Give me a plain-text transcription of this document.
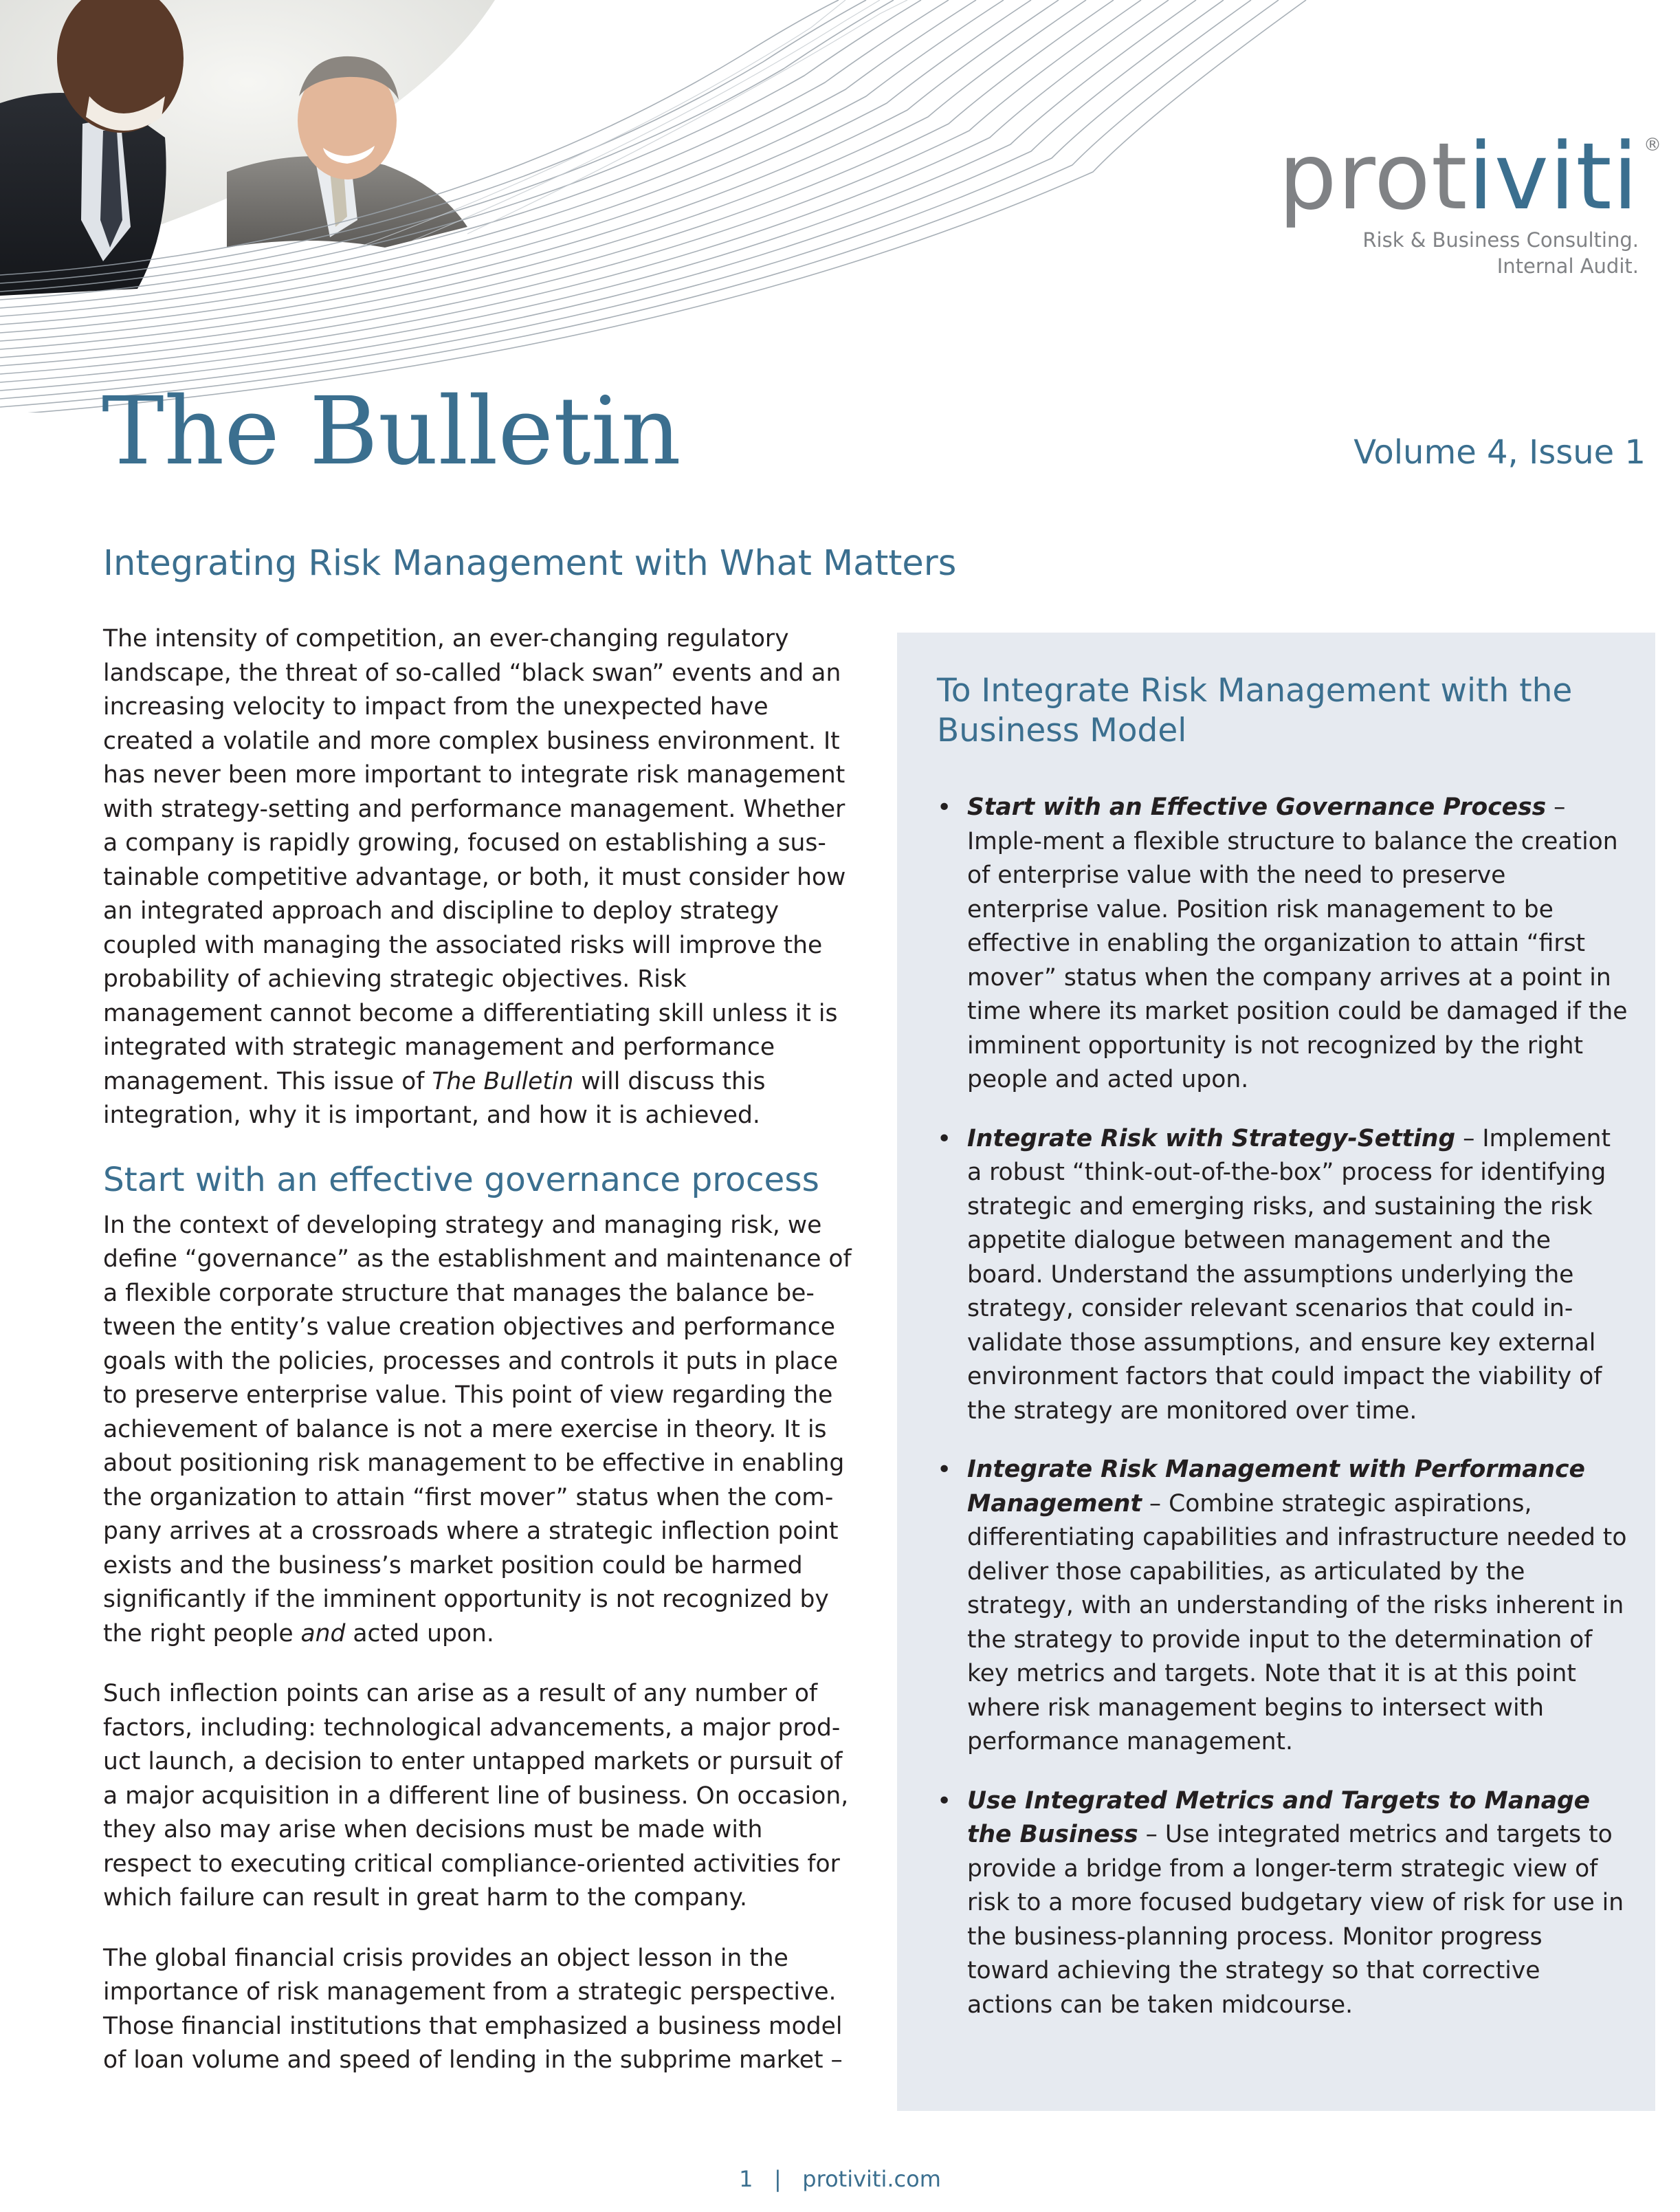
protiviti ®
Risk & Business Consulting.
Internal Audit.
The Bulletin	Volume 4, Issue 1
Integrating Risk Management with What Matters

The intensity of competition, an ever-changing regulatory landscape, the threat of so-called “black swan” events and an increasing velocity to impact from the unexpected have created a volatile and more complex business environment. It has never been more important to integrate risk management with strategy-setting and performance management. Whether a company is rapidly growing, focused on establishing a sus-tainable competitive advantage, or both, it must consider how an integrated approach and discipline to deploy strategy coupled with managing the associated risks will improve the probability of achieving strategic objectives. Risk management cannot become a differentiating skill unless it is integrated with strategic management and performance management. This issue of The Bulletin will discuss this integration, why it is important, and how it is achieved.

Start with an effective governance process

In the context of developing strategy and managing risk, we define “governance” as the establishment and maintenance of a flexible corporate structure that manages the balance be-tween the entity’s value creation objectives and performance goals with the policies, processes and controls it puts in place to preserve enterprise value. This point of view regarding the achievement of balance is not a mere exercise in theory. It is about positioning risk management to be effective in enabling the organization to attain “first mover” status when the com-pany arrives at a crossroads where a strategic inflection point exists and the business’s market position could be harmed significantly if the imminent opportunity is not recognized by the right people and acted upon.

Such inflection points can arise as a result of any number of factors, including: technological advancements, a major prod-uct launch, a decision to enter untapped markets or pursuit of a major acquisition in a different line of business. On occasion, they also may arise when decisions must be made with respect to executing critical compliance-oriented activities for which failure can result in great harm to the company.

The global financial crisis provides an object lesson in the importance of risk management from a strategic perspective. Those financial institutions that emphasized a business model of loan volume and speed of lending in the subprime market –

To Integrate Risk Management with the Business Model
• Start with an Effective Governance Process – Imple-ment a flexible structure to balance the creation of enterprise value with the need to preserve enterprise value. Position risk management to be effective in enabling the organization to attain “first mover” status when the company arrives at a point in time where its market position could be damaged if the imminent opportunity is not recognized by the right people and acted upon.
• Integrate Risk with Strategy-Setting – Implement a robust “think-out-of-the-box” process for identifying strategic and emerging risks, and sustaining the risk appetite dialogue between management and the board. Understand the assumptions underlying the strategy, consider relevant scenarios that could in-validate those assumptions, and ensure key external environment factors that could impact the viability of the strategy are monitored over time.
• Integrate Risk Management with Performance Management – Combine strategic aspirations, differentiating capabilities and infrastructure needed to deliver those capabilities, as articulated by the strategy, with an understanding of the risks inherent in the strategy to provide input to the determination of key metrics and targets. Note that it is at this point where risk management begins to intersect with performance management.
• Use Integrated Metrics and Targets to Manage the Business – Use integrated metrics and targets to provide a bridge from a longer-term strategic view of risk to a more focused budgetary view of risk for use in the business-planning process. Monitor progress toward achieving the strategy so that corrective actions can be taken midcourse.
1 | protiviti.com
